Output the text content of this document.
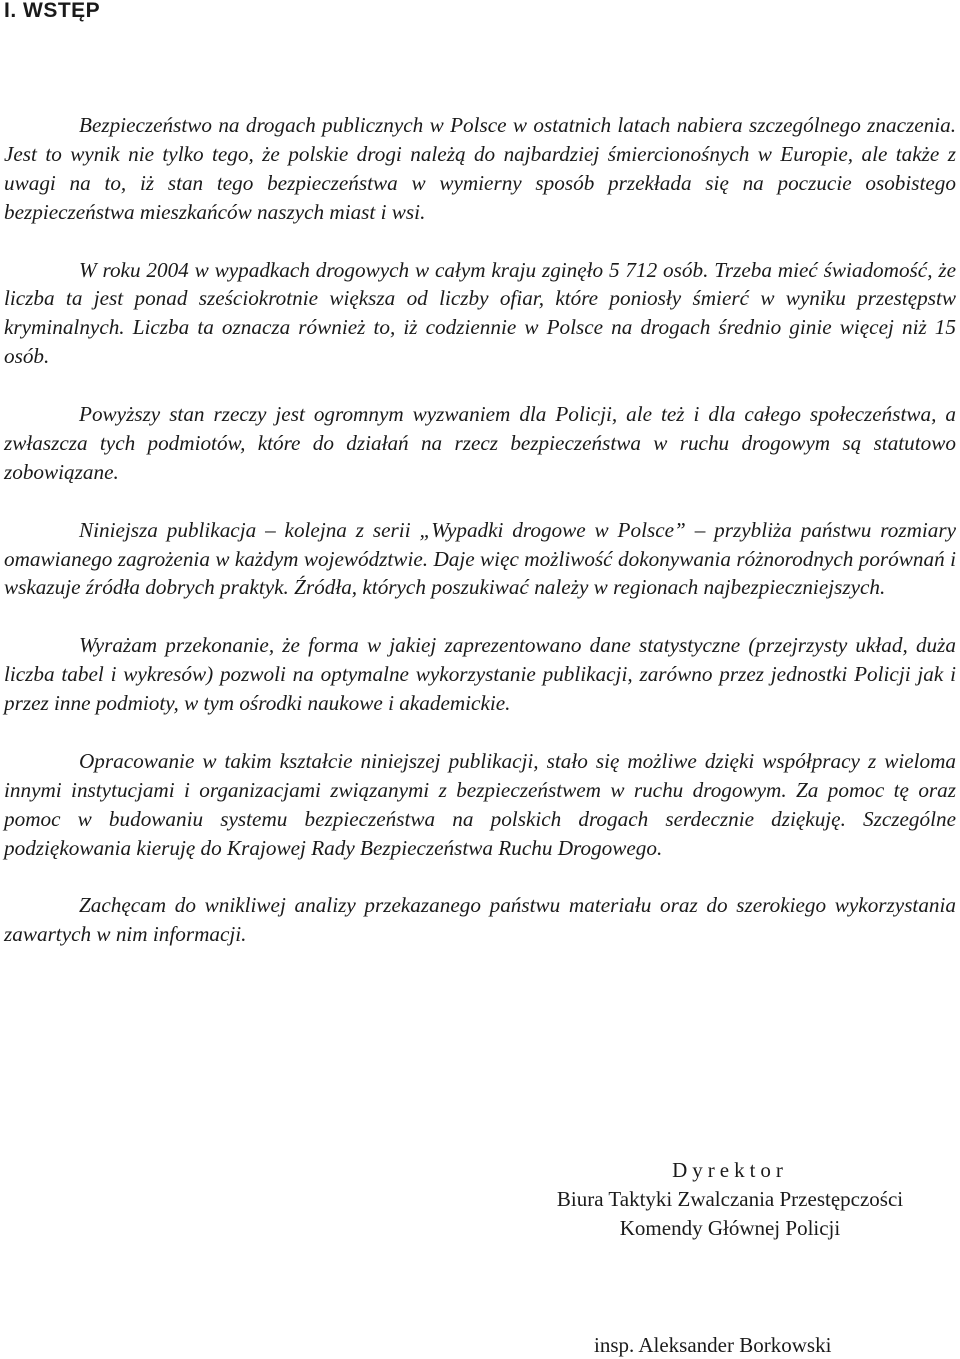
I. WSTĘP

Bezpieczeństwo na drogach publicznych w Polsce w ostatnich latach nabiera szczególnego znaczenia. Jest to wynik nie tylko tego, że polskie drogi należą do najbardziej śmiercionośnych w Europie, ale także z uwagi na to, iż stan tego bezpieczeństwa w wymierny sposób przekłada się na poczucie osobistego bezpieczeństwa mieszkańców naszych miast i wsi.

W roku 2004 w wypadkach drogowych w całym kraju zginęło 5 712 osób. Trzeba mieć świadomość, że liczba ta jest ponad sześciokrotnie większa od liczby ofiar, które poniosły śmierć w wyniku przestępstw kryminalnych. Liczba ta oznacza również to, iż codziennie w Polsce na drogach średnio ginie więcej niż 15 osób.

Powyższy stan rzeczy jest ogromnym wyzwaniem dla Policji, ale też i dla całego społeczeństwa, a zwłaszcza tych podmiotów, które do działań na rzecz bezpieczeństwa w ruchu drogowym są statutowo zobowiązane.

Niniejsza publikacja – kolejna z serii „Wypadki drogowe w Polsce” – przybliża państwu rozmiary omawianego zagrożenia w każdym województwie. Daje więc możliwość dokonywania różnorodnych porównań i wskazuje źródła dobrych praktyk. Źródła, których poszukiwać należy w regionach najbezpieczniejszych.

Wyrażam przekonanie, że forma w jakiej zaprezentowano dane statystyczne (przejrzysty układ, duża liczba tabel i wykresów) pozwoli na optymalne wykorzystanie publikacji, zarówno przez jednostki Policji jak i przez inne podmioty, w tym ośrodki naukowe i akademickie.

Opracowanie w takim kształcie niniejszej publikacji, stało się możliwe dzięki współpracy z wieloma innymi instytucjami i organizacjami związanymi z bezpieczeństwem w ruchu drogowym. Za pomoc tę oraz pomoc w budowaniu systemu bezpieczeństwa na polskich drogach serdecznie dziękuję. Szczególne podziękowania kieruję do Krajowej Rady Bezpieczeństwa Ruchu Drogowego.

Zachęcam do wnikliwej analizy przekazanego państwu materiału oraz do szerokiego wykorzystania zawartych w nim informacji.

Dyrektor
Biura Taktyki Zwalczania Przestępczości
Komendy Głównej Policji
insp. Aleksander Borkowski
